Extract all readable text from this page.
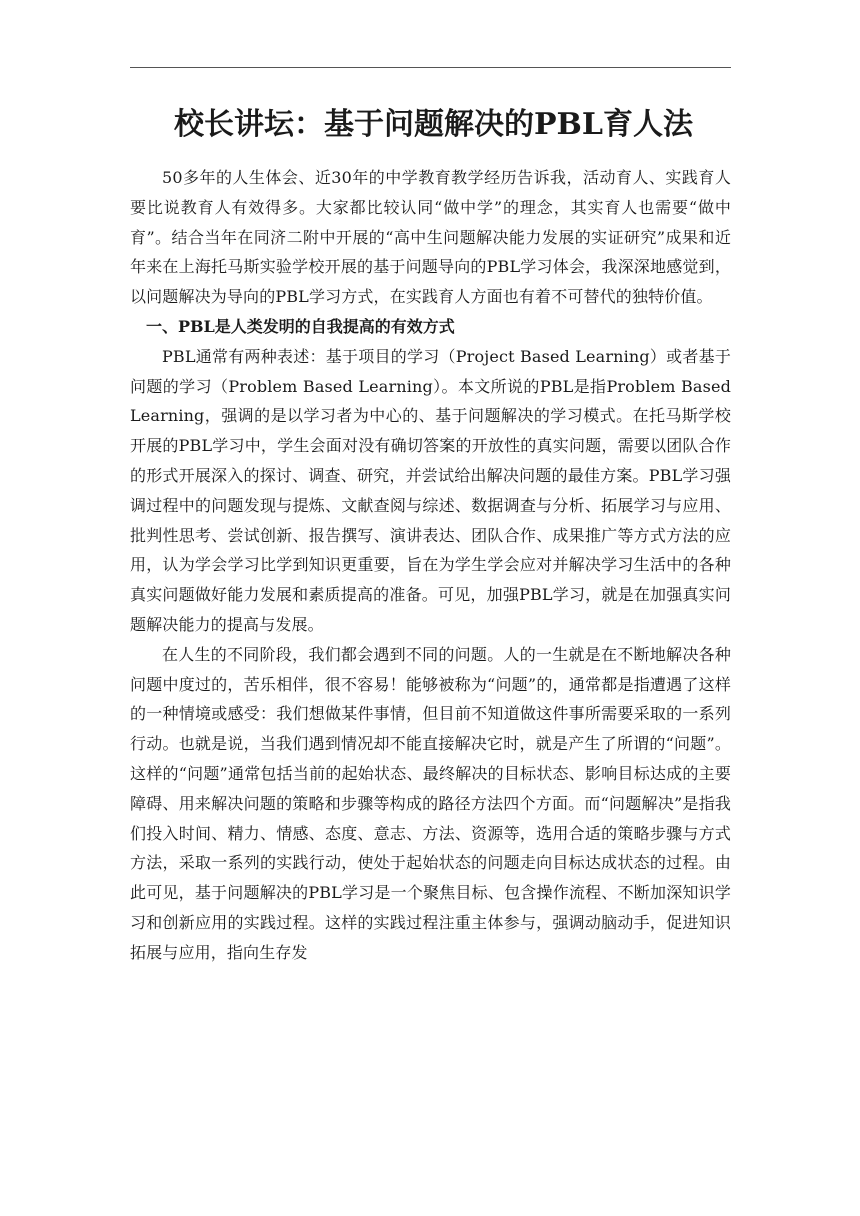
校长讲坛：基于问题解决的PBL育人法

50多年的人生体会、近30年的中学教育教学经历告诉我，活动育人、实践育人要比说教育人有效得多。大家都比较认同“做中学”的理念，其实育人也需要“做中育”。结合当年在同济二附中开展的“高中生问题解决能力发展的实证研究”成果和近年来在上海托马斯实验学校开展的基于问题导向的PBL学习体会，我深深地感觉到，以问题解决为导向的PBL学习方式，在实践育人方面也有着不可替代的独特价值。

一、PBL是人类发明的自我提高的有效方式

PBL通常有两种表述：基于项目的学习（Project Based Learning）或者基于问题的学习（Problem Based Learning）。本文所说的PBL是指Problem Based Learning，强调的是以学习者为中心的、基于问题解决的学习模式。在托马斯学校开展的PBL学习中，学生会面对没有确切答案的开放性的真实问题，需要以团队合作的形式开展深入的探讨、调查、研究，并尝试给出解决问题的最佳方案。PBL学习强调过程中的问题发现与提炼、文献查阅与综述、数据调查与分析、拓展学习与应用、批判性思考、尝试创新、报告撰写、演讲表达、团队合作、成果推广等方式方法的应用，认为学会学习比学到知识更重要，旨在为学生学会应对并解决学习生活中的各种真实问题做好能力发展和素质提高的准备。可见，加强PBL学习，就是在加强真实问题解决能力的提高与发展。

在人生的不同阶段，我们都会遇到不同的问题。人的一生就是在不断地解决各种问题中度过的，苦乐相伴，很不容易！能够被称为“问题”的，通常都是指遭遇了这样的一种情境或感受：我们想做某件事情，但目前不知道做这件事所需要采取的一系列行动。也就是说，当我们遇到情况却不能直接解决它时，就是产生了所谓的“问题”。这样的“问题”通常包括当前的起始状态、最终解决的目标状态、影响目标达成的主要障碍、用来解决问题的策略和步骤等构成的路径方法四个方面。而“问题解决”是指我们投入时间、精力、情感、态度、意志、方法、资源等，选用合适的策略步骤与方式方法，采取一系列的实践行动，使处于起始状态的问题走向目标达成状态的过程。由此可见，基于问题解决的PBL学习是一个聚焦目标、包含操作流程、不断加深知识学习和创新应用的实践过程。这样的实践过程注重主体参与，强调动脑动手，促进知识拓展与应用，指向生存发
